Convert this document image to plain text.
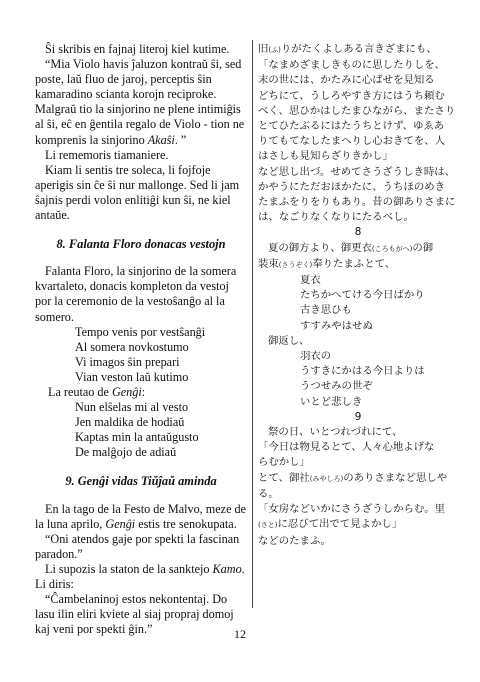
Ŝi skribis en fajnaj literoj kiel kutime.

“Mia Violo havis ĵaluzon kontraŭ ŝi, sed poste, laŭ fluo de jaroj, perceptis ŝin kamaradino scianta korojn reciproke. Malgraŭ tio la sinjorino ne plene intimiĝis al ŝi, eĉ en ĝentila regalo de Violo - tion ne komprenis la sinjorino Akaŝi. ”

Li rememoris tiamaniere.

Kiam li sentis tre soleca, li fojfoje aperigis sin ĉe ŝi nur mallonge. Sed li jam ŝajnis perdi volon enlitiĝi kun ŝi, ne kiel antaŭe.

8. Falanta Floro donacas vestojn

Falanta Floro, la sinjorino de la somera kvartaleto, donacis kompleton da vestoj por la ceremonio de la vestoŝanĝo al la somero.

Tempo venis por vestŝanĝi

Al somera novkostumo

Vi imagos ŝin prepari

Vian veston laŭ kutimo

La reutao de Genĝi:

Nun elŝelas mi al vesto

Jen maldika de hodiaŭ

Kaptas min la antaŭgusto

De malĝojo de adiaŭ

9. Genĝi vidas Tiŭĵaŭ aminda

En la tago de la Festo de Malvo, meze de la luna aprilo, Genĝi estis tre senokupata.

“Oni atendos gaje por spekti la fascinan paradon.”

Li supozis la staton de la sanktejo Kamo. Li diris:

“Ĉambelaninoj estos nekontentaj. Do lasu ilin eliri kviete al siaj propraj domoj kaj veni por spekti ĝin.”

旧(ふ)りがたくよしある言きざまにも、

「なまめざましきものに思したりしを、

末の世には、かたみに心ばせを見知る

どちにて、うしろやすき方にはうち頼む

べく、思ひかはしたまひながら、またさり

とてひたぶるにはたうちとけず、ゆゑあ

りてもてなしたまへりし心おきてを、人

はさしも見知らざりきかし」

など思し出づ。せめてさうざうしき時は、

かやうにただおほかたに、うちほのめき

たまふをりをりもあり。昔の御ありさまに

は、なごりなくなりにたるべし。

8

夏の御方より、御更衣(ころもがへ)の御

装束(さうぞく)奉りたまふとて、

夏衣

たちかへてける今日ばかり

古き思ひも

すすみやはせぬ

御返し、

羽衣の

うすきにかはる今日よりは

うつせみの世ぞ

いとど悲しき

9

祭の日、いとつれづれにて、

「今日は物見るとて、人々心地よげな

らむかし」

とて、御社(みやしろ)のありさまなど思しや

る。

「女房などいかにさうざうしからむ。里

(さと)に忍びて出でて見よかし」

などのたまふ。

12
